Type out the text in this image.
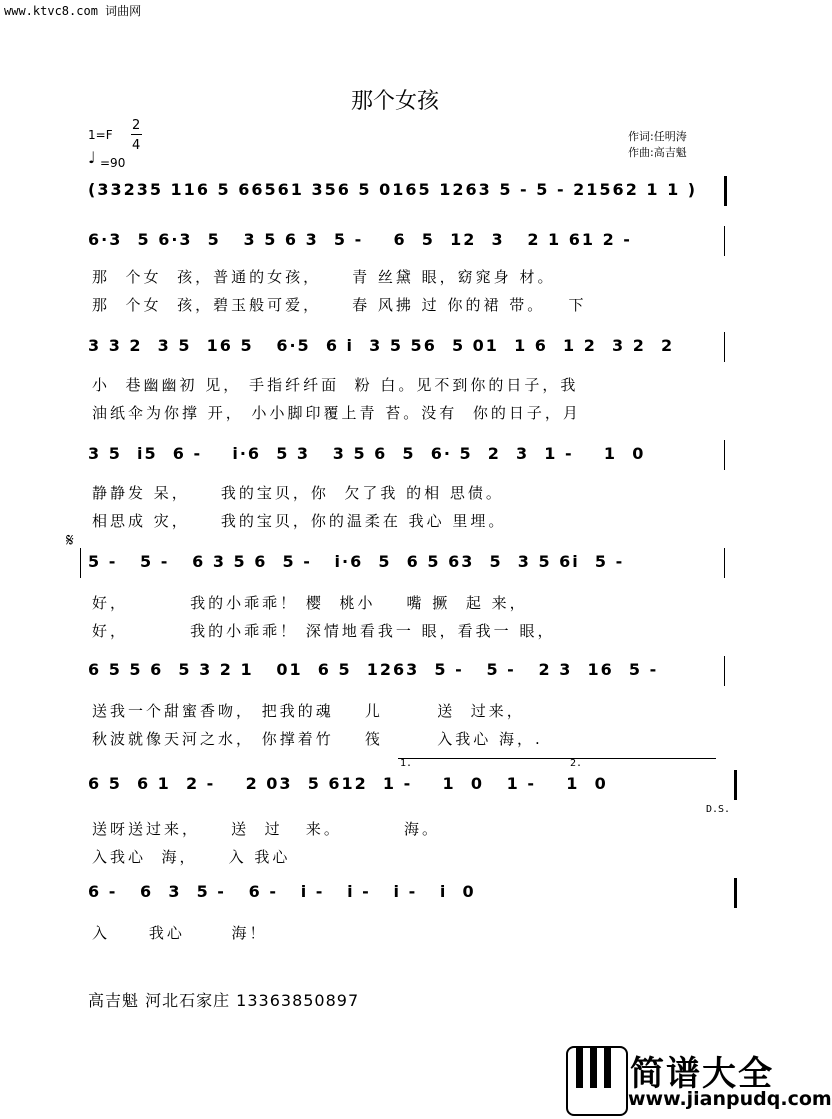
www.ktvc8.com 词曲网
那个女孩
1=F
2
4
♩ =90
作词:任明涛
作曲:高吉魁
(33235 116 5 66561 356 5 0165 1263 5 - 5 - 21562 1 1 )
6·3  5 6·3  5   3 5 6 3  5 -    6  5  12  3   2 1 61 2 -
那  个女  孩，普通的女孩，    青 丝黛 眼，窈窕身 材。
那  个女  孩，碧玉般可爱，    春 风拂 过 你的裙 带。   下
3 3 2  3 5  16 5   6·5  6 i  3 5 56  5 01  1 6  1 2  3 2  2
小  巷幽幽初 见， 手指纤纤面  粉 白。见不到你的日子，我
油纸伞为你撑 开， 小小脚印覆上青 苔。没有  你的日子，月
3 5  i5  6 -    i·6  5 3   3 5 6  5  6· 5  2  3  1 -    1  0
静静发 呆，    我的宝贝，你  欠了我 的相 思债。
相思成 灾，    我的宝贝，你的温柔在 我心 里埋。
𝄋
5 -   5 -   6 3 5 6  5 -   i·6  5  6 5 63  5  3 5 6i  5 -
好，        我的小乖乖！ 樱  桃小    嘴 撅  起 来，
好，        我的小乖乖！ 深情地看我一 眼，看我一 眼，
6 5 5 6  5 3 2 1   01  6 5  1263  5 -   5 -   2 3  16  5 -
送我一个甜蜜香吻， 把我的魂    儿       送  过来，
秋波就像天河之水， 你撑着竹    筏       入我心 海，.
1.	2.
6 5  6 1  2 -    2 03  5 612  1 -    1  0   1 -    1  0
D.S.
送呀送过来，    送  过   来。        海。
入我心  海，    入 我心
6 -   6  3  5 -   6 -   i -   i -   i -   i  0
入     我心      海！
高吉魁 河北石家庄 13363850897
简谱大全
www.jianpudq.com
